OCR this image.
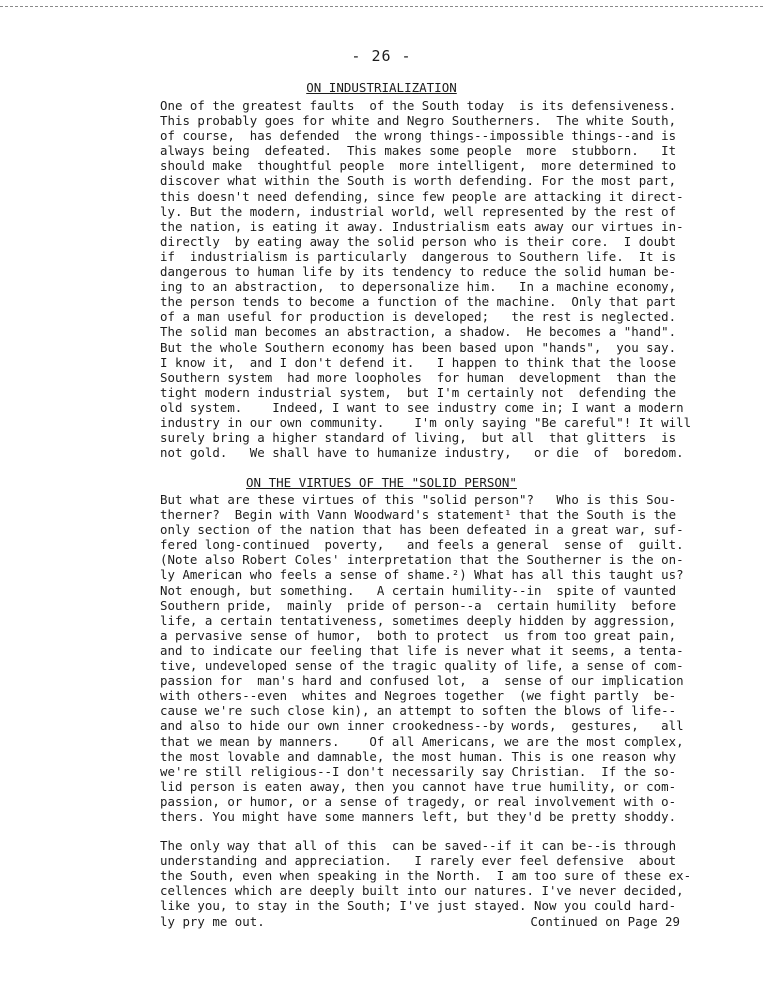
- 26 -
ON INDUSTRIALIZATION
One of the greatest faults  of the South today  is its defensiveness.
This probably goes for white and Negro Southerners.  The white South,
of course,  has defended  the wrong things--impossible things--and is
always being  defeated.  This makes some people  more  stubborn.   It
should make  thoughtful people  more intelligent,  more determined to
discover what within the South is worth defending. For the most part,
this doesn't need defending, since few people are attacking it direct-
ly. But the modern, industrial world, well represented by the rest of
the nation, is eating it away. Industrialism eats away our virtues in-
directly  by eating away the solid person who is their core.  I doubt
if  industrialism is particularly  dangerous to Southern life.  It is
dangerous to human life by its tendency to reduce the solid human be-
ing to an abstraction,  to depersonalize him.   In a machine economy,
the person tends to become a function of the machine.  Only that part
of a man useful for production is developed;   the rest is neglected.
The solid man becomes an abstraction, a shadow.  He becomes a "hand".
But the whole Southern economy has been based upon "hands",  you say.
I know it,  and I don't defend it.   I happen to think that the loose
Southern system  had more loopholes  for human  development  than the
tight modern industrial system,  but I'm certainly not  defending the
old system.    Indeed, I want to see industry come in; I want a modern
industry in our own community.    I'm only saying "Be careful"! It will
surely bring a higher standard of living,  but all  that glitters  is
not gold.   We shall have to humanize industry,   or die  of  boredom.
ON THE VIRTUES OF THE "SOLID PERSON"
But what are these virtues of this "solid person"?   Who is this Sou-
therner?  Begin with Vann Woodward's statement¹ that the South is the
only section of the nation that has been defeated in a great war, suf-
fered long-continued  poverty,   and feels a general  sense of  guilt.
(Note also Robert Coles' interpretation that the Southerner is the on-
ly American who feels a sense of shame.²) What has all this taught us?
Not enough, but something.   A certain humility--in  spite of vaunted
Southern pride,  mainly  pride of person--a  certain humility  before
life, a certain tentativeness, sometimes deeply hidden by aggression,
a pervasive sense of humor,  both to protect  us from too great pain,
and to indicate our feeling that life is never what it seems, a tenta-
tive, undeveloped sense of the tragic quality of life, a sense of com-
passion for  man's hard and confused lot,  a  sense of our implication
with others--even  whites and Negroes together  (we fight partly  be-
cause we're such close kin), an attempt to soften the blows of life--
and also to hide our own inner crookedness--by words,  gestures,   all
that we mean by manners.    Of all Americans, we are the most complex,
the most lovable and damnable, the most human. This is one reason why
we're still religious--I don't necessarily say Christian.  If the so-
lid person is eaten away, then you cannot have true humility, or com-
passion, or humor, or a sense of tragedy, or real involvement with o-
thers. You might have some manners left, but they'd be pretty shoddy.
The only way that all of this  can be saved--if it can be--is through
understanding and appreciation.   I rarely ever feel defensive  about
the South, even when speaking in the North.  I am too sure of these ex-
cellences which are deeply built into our natures. I've never decided,
like you, to stay in the South; I've just stayed. Now you could hard-
ly pry me out.	Continued on Page 29
